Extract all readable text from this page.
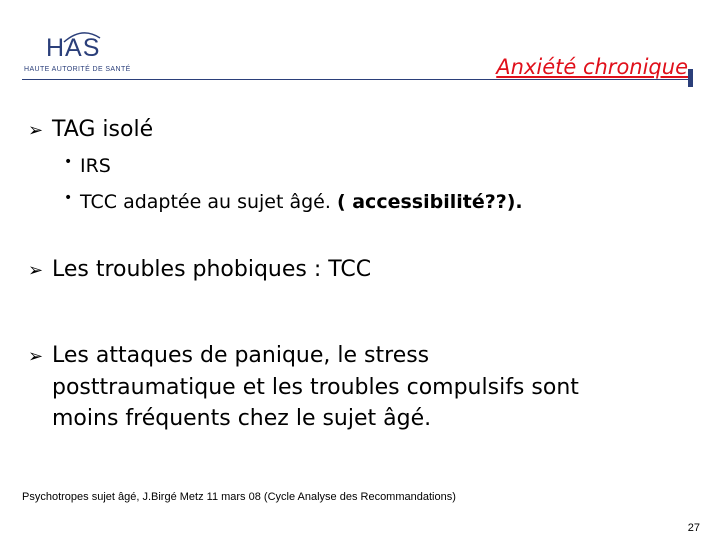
HAS
HAUTE AUTORITÉ DE SANTÉ	Anxiété chronique
➢ TAG isolé
• IRS
• TCC adaptée au sujet âgé. ( accessibilité??).
➢ Les troubles phobiques : TCC
➢ Les attaques de panique, le stress
posttraumatique et les troubles compulsifs sont
moins fréquents chez le sujet âgé.
Psychotropes sujet âgé, J.Birgé Metz 11 mars 08 (Cycle Analyse des Recommandations)
27
